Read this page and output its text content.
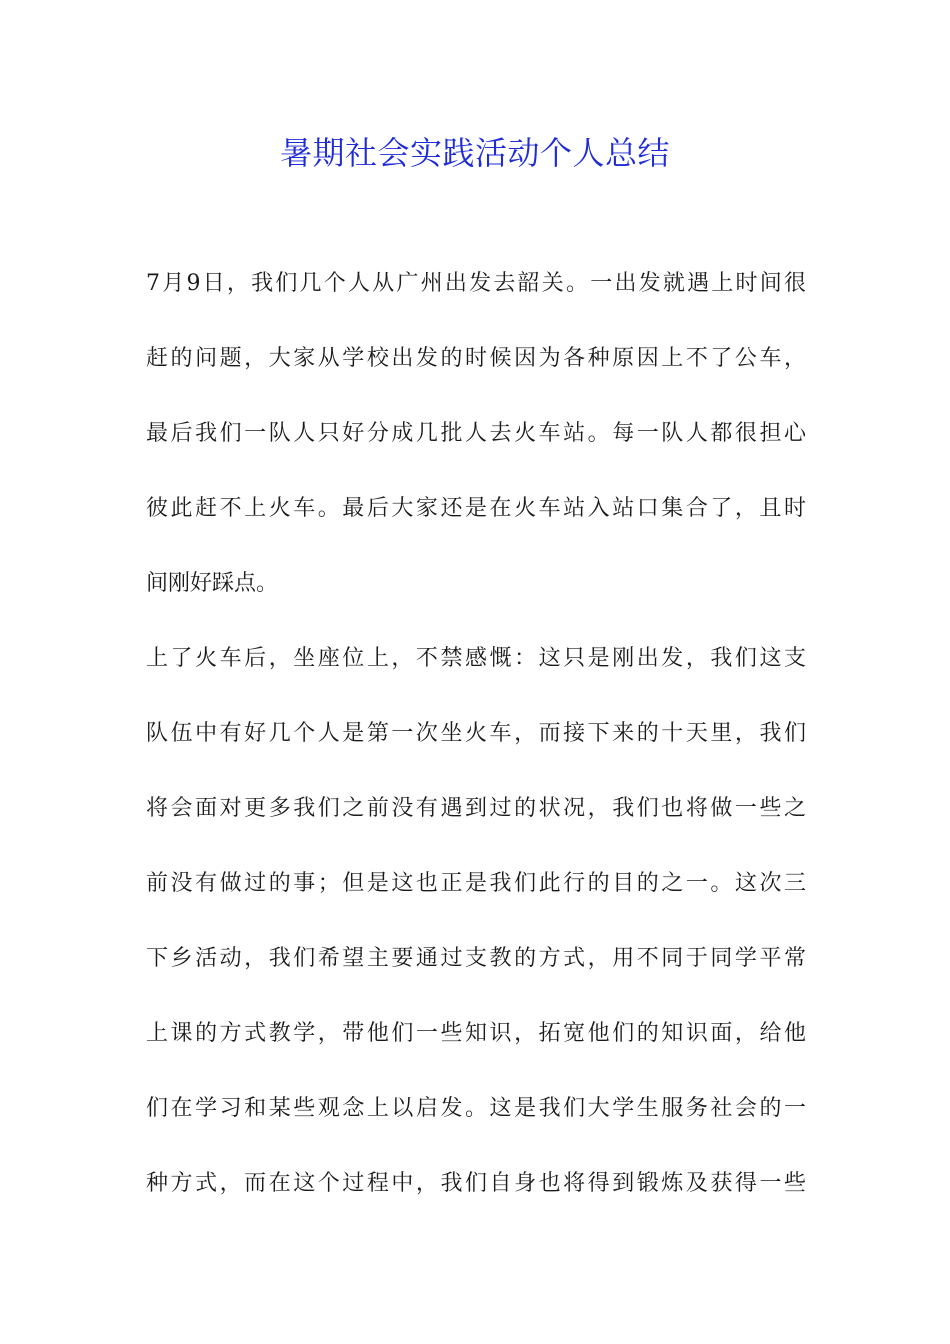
暑期社会实践活动个人总结
7月9日，我们几个人从广州出发去韶关。一出发就遇上时间很
赶的问题，大家从学校出发的时候因为各种原因上不了公车，
最后我们一队人只好分成几批人去火车站。每一队人都很担心
彼此赶不上火车。最后大家还是在火车站入站口集合了，且时
间刚好踩点。
上了火车后，坐座位上，不禁感慨：这只是刚出发，我们这支
队伍中有好几个人是第一次坐火车，而接下来的十天里，我们
将会面对更多我们之前没有遇到过的状况，我们也将做一些之
前没有做过的事；但是这也正是我们此行的目的之一。这次三
下乡活动，我们希望主要通过支教的方式，用不同于同学平常
上课的方式教学，带他们一些知识，拓宽他们的知识面，给他
们在学习和某些观念上以启发。这是我们大学生服务社会的一
种方式，而在这个过程中，我们自身也将得到锻炼及获得一些
